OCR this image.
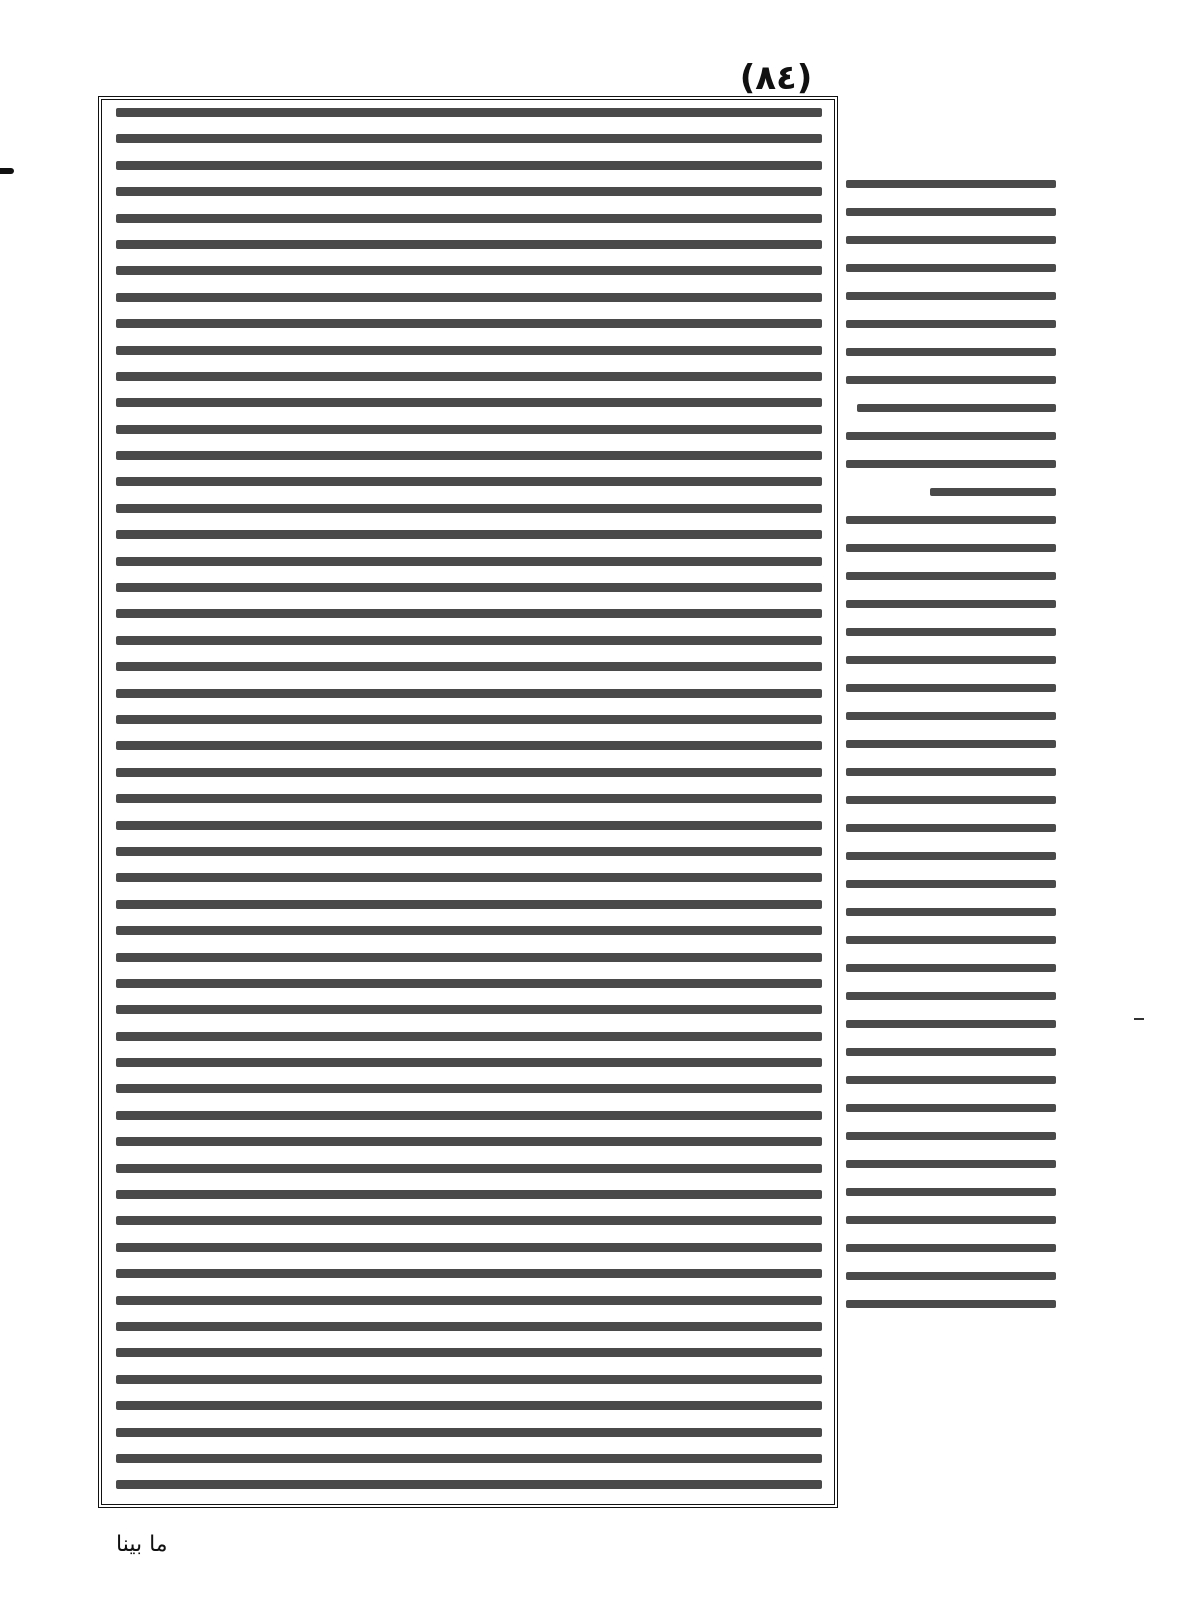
(٨٤)
ما بينا
